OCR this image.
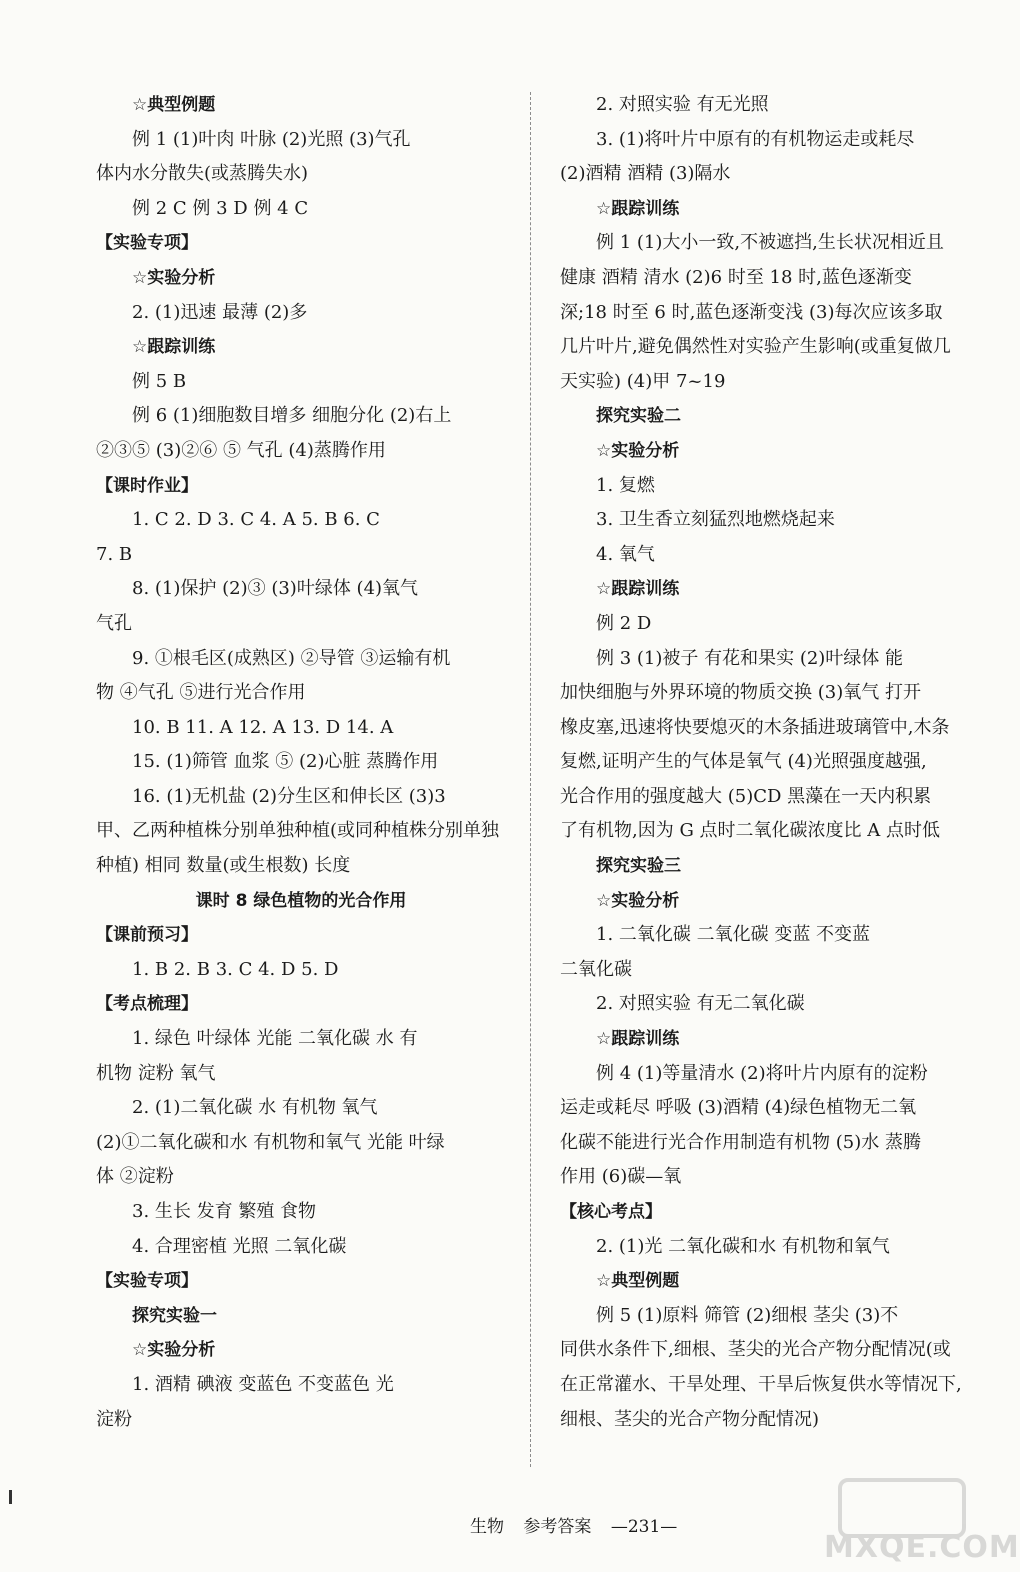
☆典型例题
例 1 (1)叶肉 叶脉 (2)光照 (3)气孔
体内水分散失(或蒸腾失水)
例 2 C 例 3 D 例 4 C
【实验专项】
☆实验分析
2. (1)迅速 最薄 (2)多
☆跟踪训练
例 5 B
例 6 (1)细胞数目增多 细胞分化 (2)右上
②③⑤ (3)②⑥ ⑤ 气孔 (4)蒸腾作用
【课时作业】
1. C 2. D 3. C 4. A 5. B 6. C
7. B
8. (1)保护 (2)③ (3)叶绿体 (4)氧气
气孔
9. ①根毛区(成熟区) ②导管 ③运输有机
物 ④气孔 ⑤进行光合作用
10. B 11. A 12. A 13. D 14. A
15. (1)筛管 血浆 ⑤ (2)心脏 蒸腾作用
16. (1)无机盐 (2)分生区和伸长区 (3)3
甲、乙两种植株分别单独种植(或同种植株分别单独
种植) 相同 数量(或生根数) 长度
课时 8 绿色植物的光合作用
【课前预习】
1. B 2. B 3. C 4. D 5. D
【考点梳理】
1. 绿色 叶绿体 光能 二氧化碳 水 有
机物 淀粉 氧气
2. (1)二氧化碳 水 有机物 氧气
(2)①二氧化碳和水 有机物和氧气 光能 叶绿
体 ②淀粉
3. 生长 发育 繁殖 食物
4. 合理密植 光照 二氧化碳
【实验专项】
探究实验一
☆实验分析
1. 酒精 碘液 变蓝色 不变蓝色 光
淀粉
2. 对照实验 有无光照
3. (1)将叶片中原有的有机物运走或耗尽
(2)酒精 酒精 (3)隔水
☆跟踪训练
例 1 (1)大小一致,不被遮挡,生长状况相近且
健康 酒精 清水 (2)6 时至 18 时,蓝色逐渐变
深;18 时至 6 时,蓝色逐渐变浅 (3)每次应该多取
几片叶片,避免偶然性对实验产生影响(或重复做几
天实验) (4)甲 7~19
探究实验二
☆实验分析
1. 复燃
3. 卫生香立刻猛烈地燃烧起来
4. 氧气
☆跟踪训练
例 2 D
例 3 (1)被子 有花和果实 (2)叶绿体 能
加快细胞与外界环境的物质交换 (3)氧气 打开
橡皮塞,迅速将快要熄灭的木条插进玻璃管中,木条
复燃,证明产生的气体是氧气 (4)光照强度越强,
光合作用的强度越大 (5)CD 黑藻在一天内积累
了有机物,因为 G 点时二氧化碳浓度比 A 点时低
探究实验三
☆实验分析
1. 二氧化碳 二氧化碳 变蓝 不变蓝
二氧化碳
2. 对照实验 有无二氧化碳
☆跟踪训练
例 4 (1)等量清水 (2)将叶片内原有的淀粉
运走或耗尽 呼吸 (3)酒精 (4)绿色植物无二氧
化碳不能进行光合作用制造有机物 (5)水 蒸腾
作用 (6)碳—氧
【核心考点】
2. (1)光 二氧化碳和水 有机物和氧气
☆典型例题
例 5 (1)原料 筛管 (2)细根 茎尖 (3)不
同供水条件下,细根、茎尖的光合产物分配情况(或
在正常灌水、干旱处理、干旱后恢复供水等情况下,
细根、茎尖的光合产物分配情况)
生物 参考答案 —231—
MXQE.COM
